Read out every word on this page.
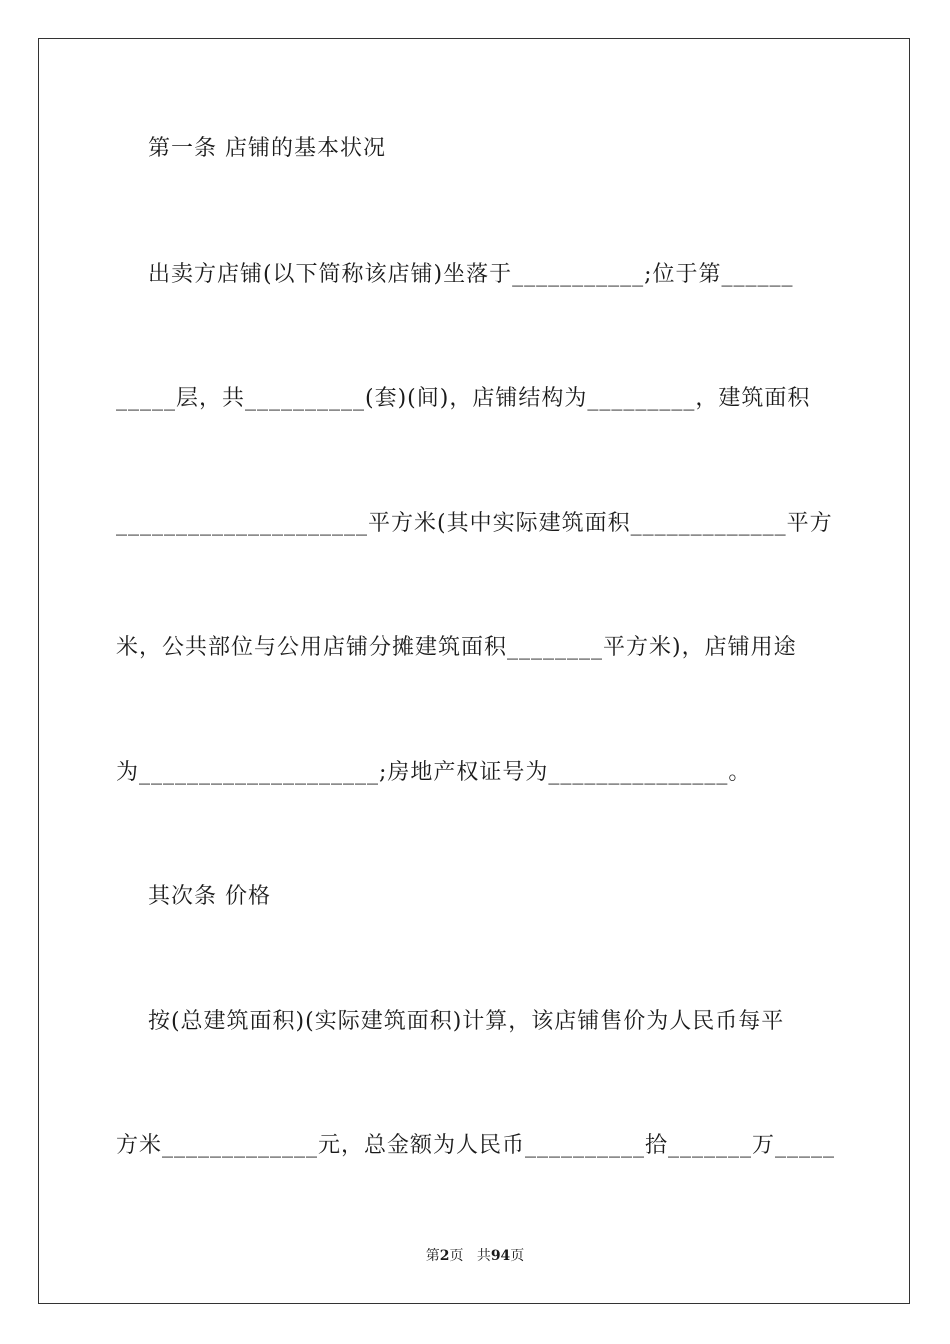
第一条 店铺的基本状况
出卖方店铺(以下简称该店铺)坐落于___________;位于第______
_____层，共__________(套)(间)，店铺结构为_________，建筑面积
_____________________平方米(其中实际建筑面积_____________平方
米，公共部位与公用店铺分摊建筑面积________平方米)，店铺用途
为____________________;房地产权证号为_______________。
其次条 价格
按(总建筑面积)(实际建筑面积)计算，该店铺售价为人民币每平
方米_____________元，总金额为人民币__________拾_______万_____
第2页 共94页
